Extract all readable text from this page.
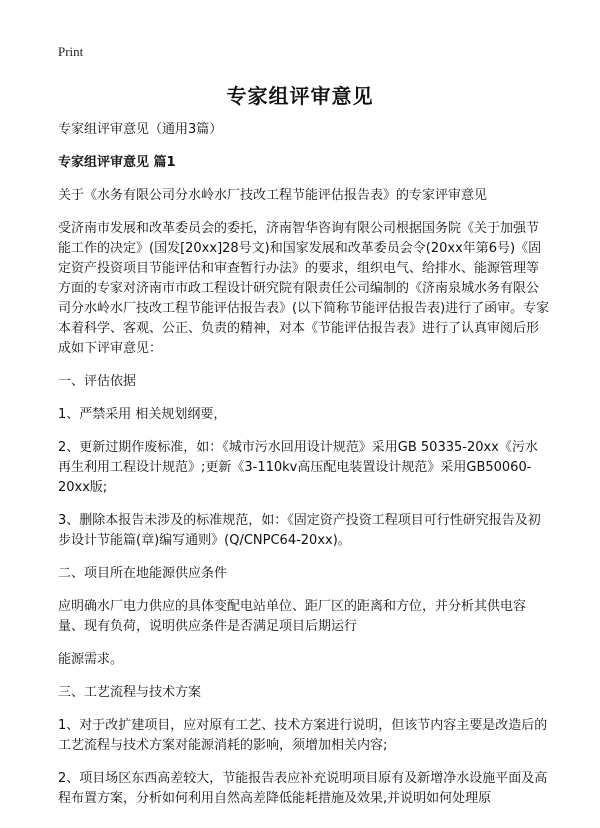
Print
专家组评审意见

专家组评审意见（通用3篇）

专家组评审意见 篇1

关于《水务有限公司分水岭水厂技改工程节能评估报告表》的专家评审意见

受济南市发展和改革委员会的委托，济南智华咨询有限公司根据国务院《关于加强节能工作的决定》(国发[20xx]28号文)和国家发展和改革委员会令(20xx年第6号)《固定资产投资项目节能评估和审查暂行办法》的要求，组织电气、给排水、能源管理等方面的专家对济南市市政工程设计研究院有限责任公司编制的《济南泉城水务有限公司分水岭水厂技改工程节能评估报告表》(以下简称节能评估报告表)进行了函审。专家本着科学、客观、公正、负责的精神，对本《节能评估报告表》进行了认真审阅后形成如下评审意见：

一、评估依据

1、严禁采用 相关规划纲要，

2、更新过期作废标准，如：《城市污水回用设计规范》采用GB 50335-20xx《污水再生利用工程设计规范》;更新《3-110kv高压配电装置设计规范》采用GB50060-20xx版;

3、删除本报告未涉及的标准规范，如：《固定资产投资工程项目可行性研究报告及初步设计节能篇(章)编写通则》(Q/CNPC64-20xx)。

二、项目所在地能源供应条件

应明确水厂电力供应的具体变配电站单位、距厂区的距离和方位，并分析其供电容量、现有负荷，说明供应条件是否满足项目后期运行

能源需求。

三、工艺流程与技术方案

1、对于改扩建项目，应对原有工艺、技术方案进行说明，但该节内容主要是改造后的工艺流程与技术方案对能源消耗的影响，须增加相关内容;

2、项目场区东西高差较大，节能报告表应补充说明项目原有及新增净水设施平面及高程布置方案，分析如何利用自然高差降低能耗措施及效果,并说明如何处理原
